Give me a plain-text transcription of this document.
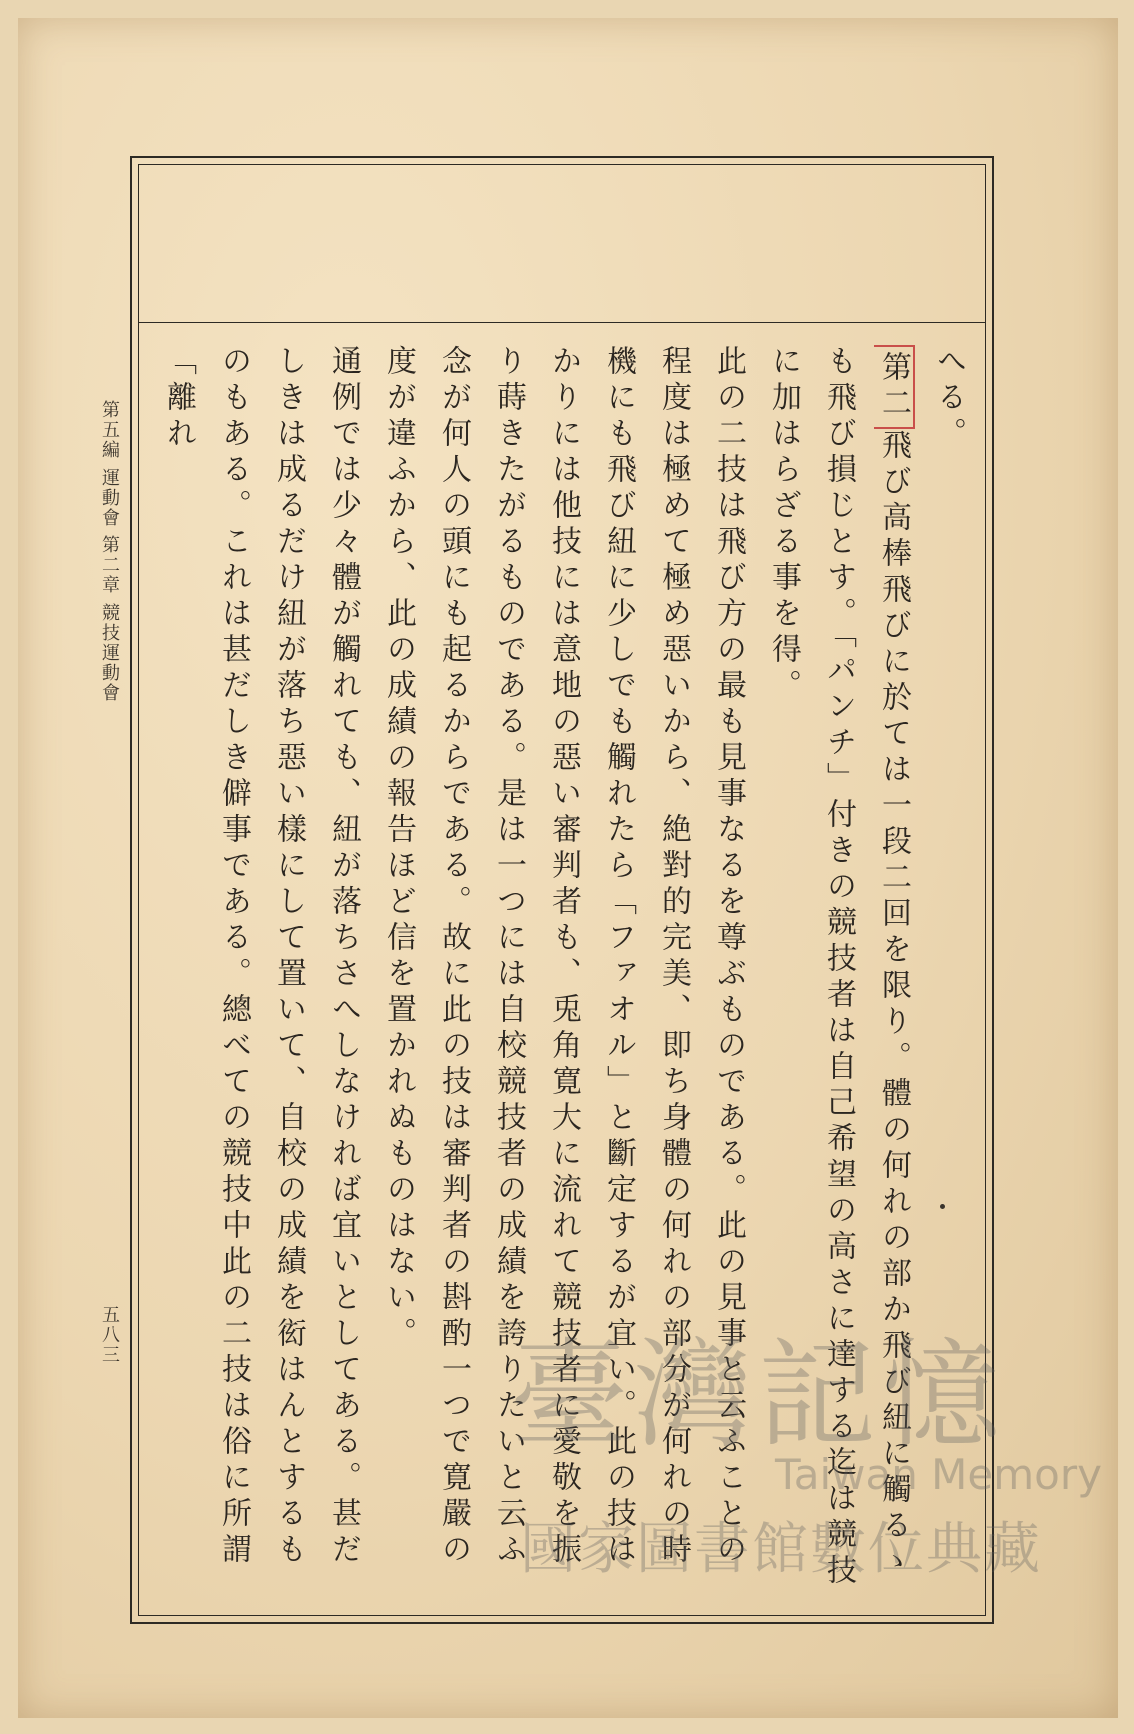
へる。

第二飛び高棒飛びに於ては一段二回を限り。體の何れの部か飛び紐に觸るゝも飛び損じとす。「パンチ」付きの競技者は自己希望の高さに達する迄は競技に加はらざる事を得。

此の二技は飛び方の最も見事なるを尊ぶものである。此の見事と云ふことの程度は極めて極め惡いから、絶對的完美、即ち身體の何れの部分が何れの時機にも飛び紐に少しでも觸れたら「ファオル」と斷定するが宜い。此の技はかりには他技には意地の惡い審判者も、兎角寛大に流れて競技者に愛敬を振り蒔きたがるものである。是は一つには自校競技者の成績を誇りたいと云ふ念が何人の頭にも起るからである。故に此の技は審判者の斟酌一つで寛嚴の度が違ふから、此の成績の報告ほど信を置かれぬものはない。

通例では少々體が觸れても、紐が落ちさへしなければ宜いとしてある。甚だしきは成るだけ紐が落ち惡い樣にして置いて、自校の成績を衒はんとするものもある。これは甚だしき僻事である。總べての競技中此の二技は俗に所謂「離れ

第五編 運動會 第二章 競技運動會
五八三	臺灣記憶
Taiwan Memory
國家圖書館數位典藏
